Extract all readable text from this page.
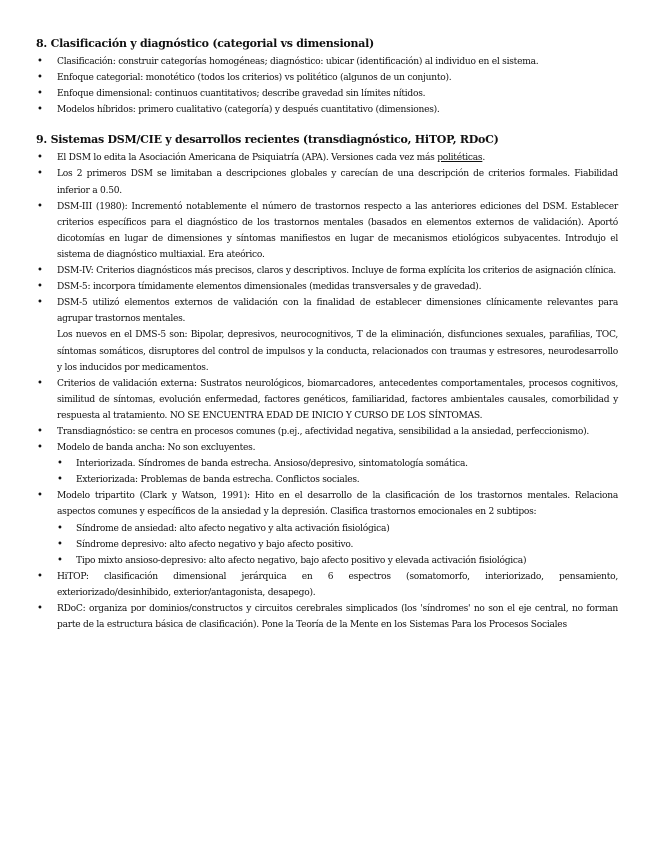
8. Clasificación y diagnóstico (categorial vs dimensional)
• Clasificación: construir categorías homogéneas; diagnóstico: ubicar (identificación) al individuo en el sistema.
• Enfoque categorial: monotético (todos los criterios) vs politético (algunos de un conjunto).
• Enfoque dimensional: continuos cuantitativos; describe gravedad sin límites nítidos.
• Modelos híbridos: primero cualitativo (categoría) y después cuantitativo (dimensiones).
9. Sistemas DSM/CIE y desarrollos recientes (transdiagnóstico, HiTOP, RDoC)
• El DSM lo edita la Asociación Americana de Psiquiatría (APA). Versiones cada vez más politéticas.
• Los 2 primeros DSM se limitaban a descripciones globales y carecían de una descripción de criterios formales. Fiabilidad inferior a 0.50.
• DSM-III (1980): Incrementó notablemente el número de trastornos respecto a las anteriores ediciones del DSM. Establecer criterios específicos para el diagnóstico de los trastornos mentales (basados en elementos externos de validación). Aportó dicotomías en lugar de dimensiones y síntomas manifiestos en lugar de mecanismos etiológicos subyacentes. Introdujo el sistema de diagnóstico multiaxial. Era ateórico.
• DSM-IV: Criterios diagnósticos más precisos, claros y descriptivos. Incluye de forma explícita los criterios de asignación clínica.
• DSM-5: incorpora tímidamente elementos dimensionales (medidas transversales y de gravedad).

• DSM-5 utilizó elementos externos de validación con la finalidad de establecer dimensiones clínicamente relevantes para agrupar trastornos mentales.

Los nuevos en el DMS-5 son: Bipolar, depresivos, neurocognitivos, T de la eliminación, disfunciones sexuales, parafilias, TOC, síntomas somáticos, disruptores del control de impulsos y la conducta, relacionados con traumas y estresores, neurodesarrollo y los inducidos por medicamentos.

• Criterios de validación externa: Sustratos neurológicos, biomarcadores, antecedentes comportamentales, procesos cognitivos, similitud de síntomas, evolución enfermedad, factores genéticos, familiaridad, factores ambientales causales, comorbilidad y respuesta al tratamiento. NO SE ENCUENTRA EDAD DE INICIO Y CURSO DE LOS SÍNTOMAS.
• Transdiagnóstico: se centra en procesos comunes (p.ej., afectividad negativa, sensibilidad a la ansiedad, perfeccionismo).
• Modelo de banda ancha: No son excluyentes.
• Interiorizada. Síndromes de banda estrecha. Ansioso/depresivo, sintomatología somática.
• Exteriorizada: Problemas de banda estrecha. Conflictos sociales.
• Modelo tripartito (Clark y Watson, 1991): Hito en el desarrollo de la clasificación de los trastornos mentales. Relaciona aspectos comunes y específicos de la ansiedad y la depresión. Clasifica trastornos emocionales en 2 subtipos:
• Síndrome de ansiedad: alto afecto negativo y alta activación fisiológica)
• Síndrome depresivo: alto afecto negativo y bajo afecto positivo.
• Tipo mixto ansioso-depresivo: alto afecto negativo, bajo afecto positivo y elevada activación fisiológica)
• HiTOP: clasificación dimensional jerárquica en 6 espectros (somatomorfo, interiorizado, pensamiento, exteriorizado/desinhibido, exterior/antagonista, desapego).
• RDoC: organiza por dominios/constructos y circuitos cerebrales simplicados (los 'síndromes' no son el eje central, no forman parte de la estructura básica de clasificación). Pone la Teoría de la Mente en los Sistemas Para los Procesos Sociales
